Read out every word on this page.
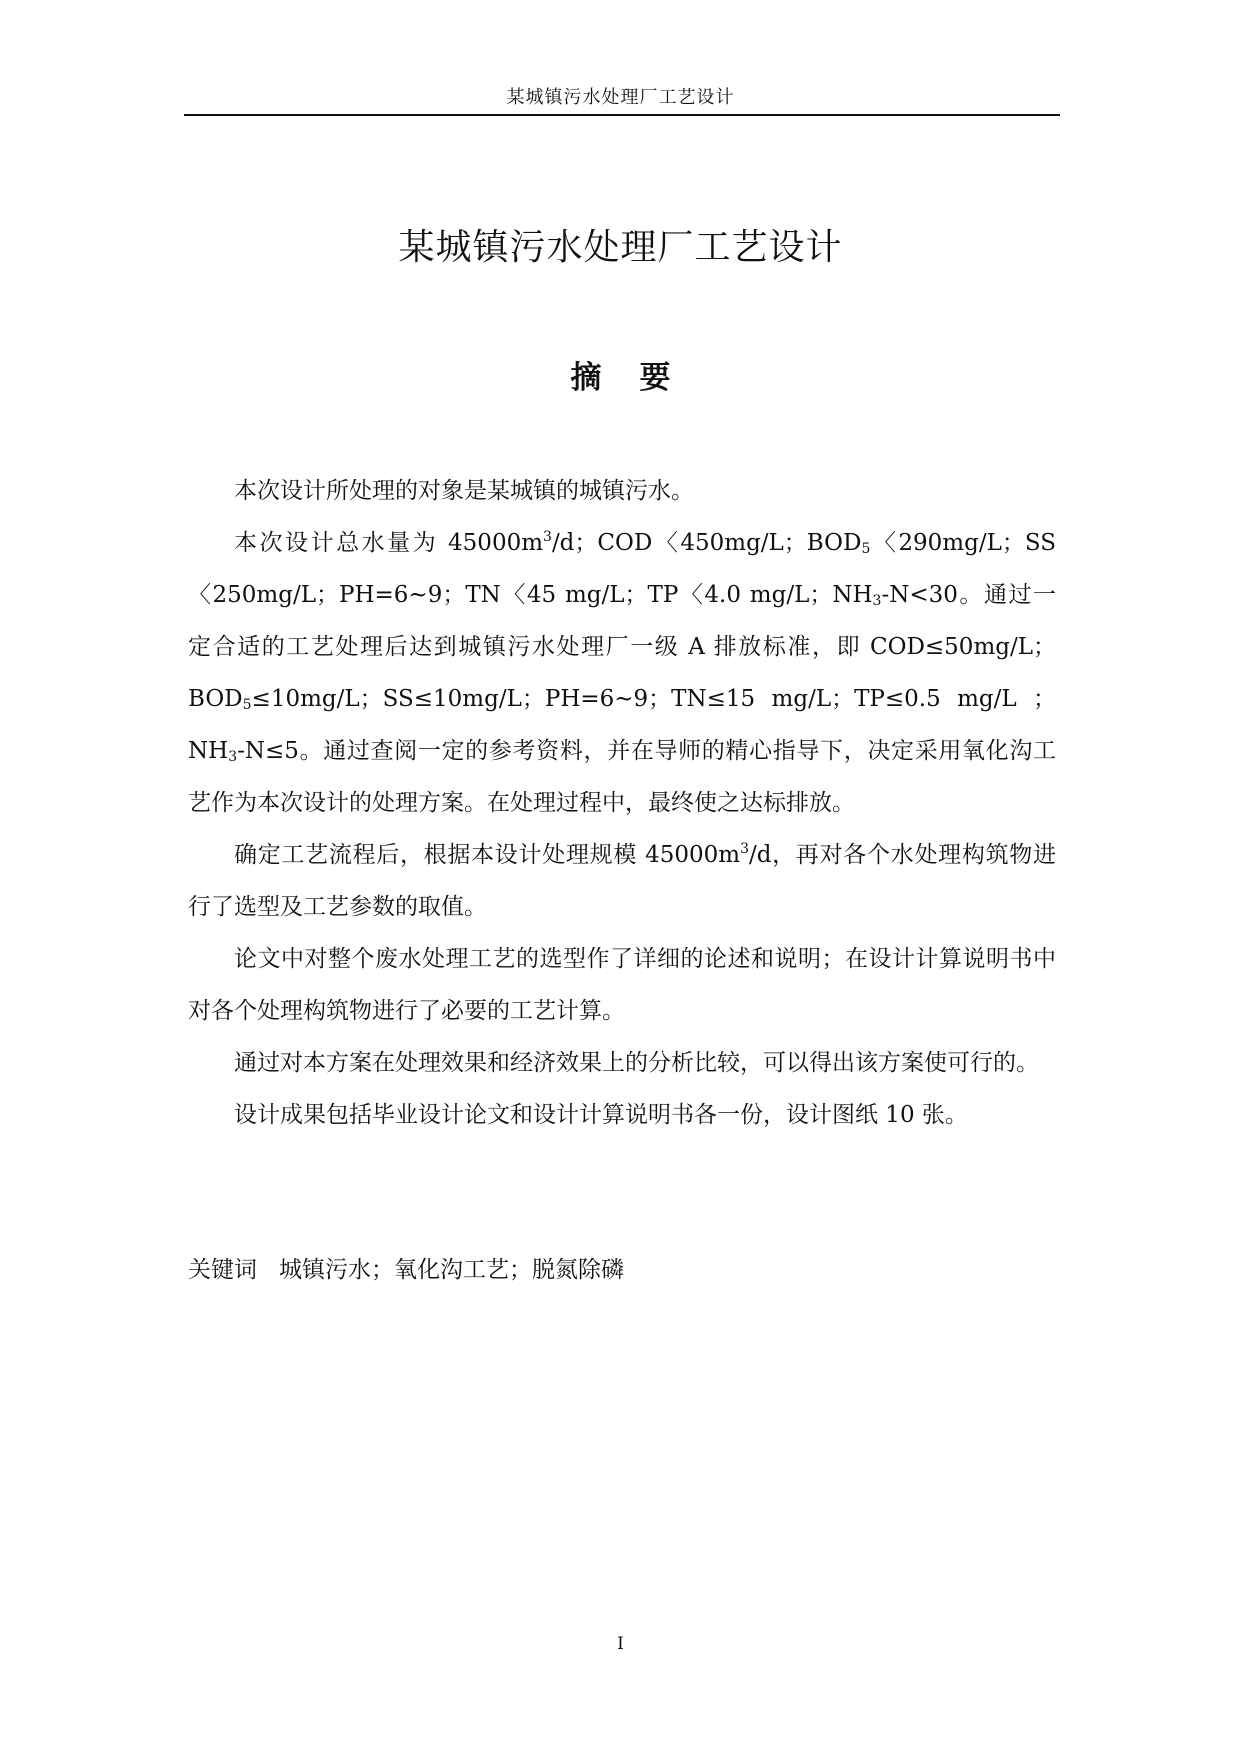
某城镇污水处理厂工艺设计
某城镇污水处理厂工艺设计
摘要

本次设计所处理的对象是某城镇的城镇污水。

本次设计总水量为 $45000m^3/d$；COD〈450mg/L；$BOD_5$〈290mg/L；SS〈250mg/L；PH=6~9；TN〈45 mg/L；TP〈4.0 mg/L；$NH_3-N<30$。通过一定合适的工艺处理后达到城镇污水处理厂一级 A 排放标准，即 COD≤50mg/L；$BOD_5\le 10mg/L$；SS≤10mg/L；PH=6~9；TN≤15 mg/L；TP≤0.5 mg/L ；$NH_3-N\le 5$。通过查阅一定的参考资料，并在导师的精心指导下，决定采用氧化沟工艺作为本次设计的处理方案。在处理过程中，最终使之达标排放。

确定工艺流程后，根据本设计处理规模 $45000m^3/d$，再对各个水处理构筑物进行了选型及工艺参数的取值。

论文中对整个废水处理工艺的选型作了详细的论述和说明；在设计计算说明书中对各个处理构筑物进行了必要的工艺计算。

通过对本方案在处理效果和经济效果上的分析比较，可以得出该方案使可行的。

设计成果包括毕业设计论文和设计计算说明书各一份，设计图纸 10 张。

关键词 城镇污水；氧化沟工艺；脱氮除磷
I
